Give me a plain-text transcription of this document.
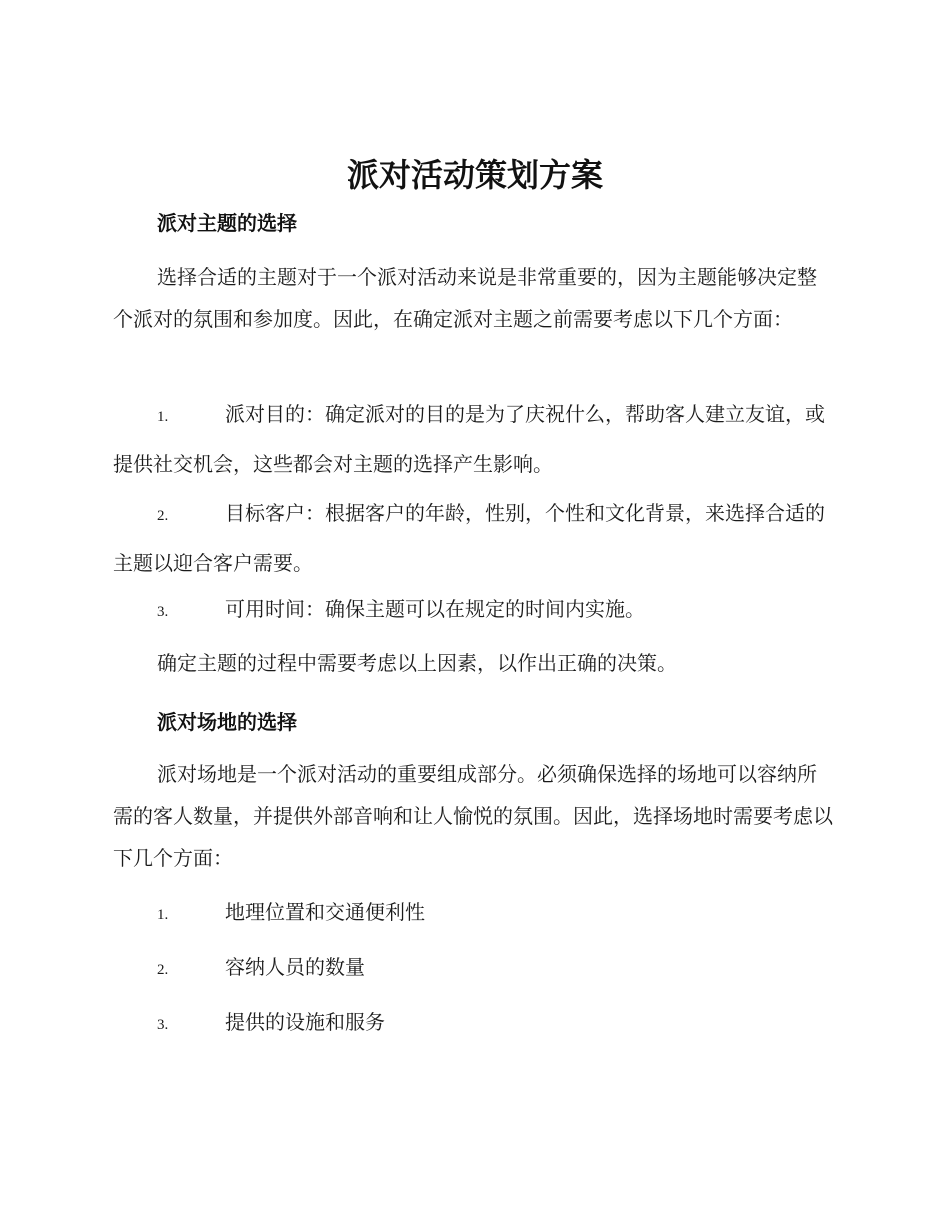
派对活动策划方案
派对主题的选择

选择合适的主题对于一个派对活动来说是非常重要的，因为主题能够决定整个派对的氛围和参加度。因此，在确定派对主题之前需要考虑以下几个方面：

1.	派对目的：确定派对的目的是为了庆祝什么，帮助客人建立友谊，或提供社交机会，这些都会对主题的选择产生影响。

2.	目标客户：根据客户的年龄，性别，个性和文化背景，来选择合适的主题以迎合客户需要。

3.	可用时间：确保主题可以在规定的时间内实施。

确定主题的过程中需要考虑以上因素，以作出正确的决策。

派对场地的选择

派对场地是一个派对活动的重要组成部分。必须确保选择的场地可以容纳所需的客人数量，并提供外部音响和让人愉悦的氛围。因此，选择场地时需要考虑以下几个方面：

1.	地理位置和交通便利性

2.	容纳人员的数量

3.	提供的设施和服务
